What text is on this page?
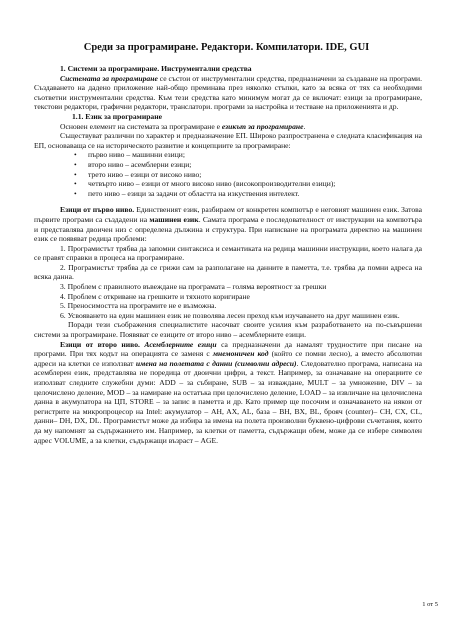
Среди за програмиране. Редактори. Компилатори. IDE, GUI

1. Системи за програмиране. Инструментални средства

Системата за програмиране се състои от инструментални средства, предназначени за създаване на програми. Създаването на дадено приложение най-общо преминава през няколко стъпки, като за всяка от тях са необходими съответни инструментални средства. Към тези средства като минимум могат да се включат: езици за програмиране, текстови редактори, графични редактори, транслатори. програми за настройка и тестване на приложенията и др.

1.1. Език за програмиране

Основен елемент на системата за програмиране е езикът за програмиране.

Съществуват различни по характер и предназначение ЕП. Широко разпространена е следната класификация на ЕП, основаваща се на историческото развитие и концепциите за програмиране:

• първо ниво – машинни езици;
• второ ниво – асемблерни езици;
• трето ниво – езици от високо ниво;
• четвърто ниво – езици от много високо ниво (високопроизводителни езици);
• пето ниво – езици за задачи от областта на изкуствения интелект.

Езици от първо ниво. Единственият език, разбираем от конкретен компютър е неговият машинен език. Затова първите програми са създадени на машинен език. Самата програма е последователност от инструкции на компютъра и представлява двоичен низ с определена дължина и структура. При написване на програмата директно на машинен език се появяват редица проблеми:

1. Програмистът трябва да запомни синтаксиса и семантиката на редица машинни инструкции, което налага да се правят справки в процеса на програмиране.

2. Програмистът трябва да се грижи сам за разполагане на данните в паметта, т.е. трябва да помни адреса на всяка данна.

3. Проблем с правилното въвеждане на програмата – голяма вероятност за грешки

4. Проблем с откриване на грешките и тяхното коригиране

5. Преносимостта на програмите не е възможна.

6. Усвояването на един машинен език не позволява лесен преход към изучаването на друг машинен език.

Поради тези съображения специалистите насочват своите усилия към разработването на по-съвършени системи за програмиране. Появяват се езиците от второ ниво – асемблерните езици.

Езици от второ ниво. Асемблерните езици са предназначени да намалят трудностите при писане на програми. При тях кодът на операцията се заменя с мнемоничен код (който се помни лесно), а вместо абсолютни адреси на клетки се използват имена на полетата с данни (символни адреси). Следователно програма, написана на асемблерен език, представлява не поредица от двоични цифри, а текст. Например, за означаване на операциите се използват следните служебни думи: ADD – за събиране, SUB – за изваждане, MULT – за умножение, DIV – за целочислено деление, MOD – за намиране на остатъка при целочислено деление, LOAD – за извличане на целочислена данна в акумулатора на ЦП, STORE – за запис в паметта и др. Като пример ще посочим и означаването на някои от регистрите на микропроцесор на Intel: акумулатор – AH, AX, AL, база – BH, BX, BL, брояч (counter)– CH, CX, CL, данни– DH, DX, DL. Програмистът може да избира за имена на полета произволни буквено-цифрови съчетания, които да му напомнят за съдържанието им. Например, за клетки от паметта, съдържащи обем, може да се избере символен адрес VOLUME, а за клетки, съдържащи възраст – AGE.

1 от 5
